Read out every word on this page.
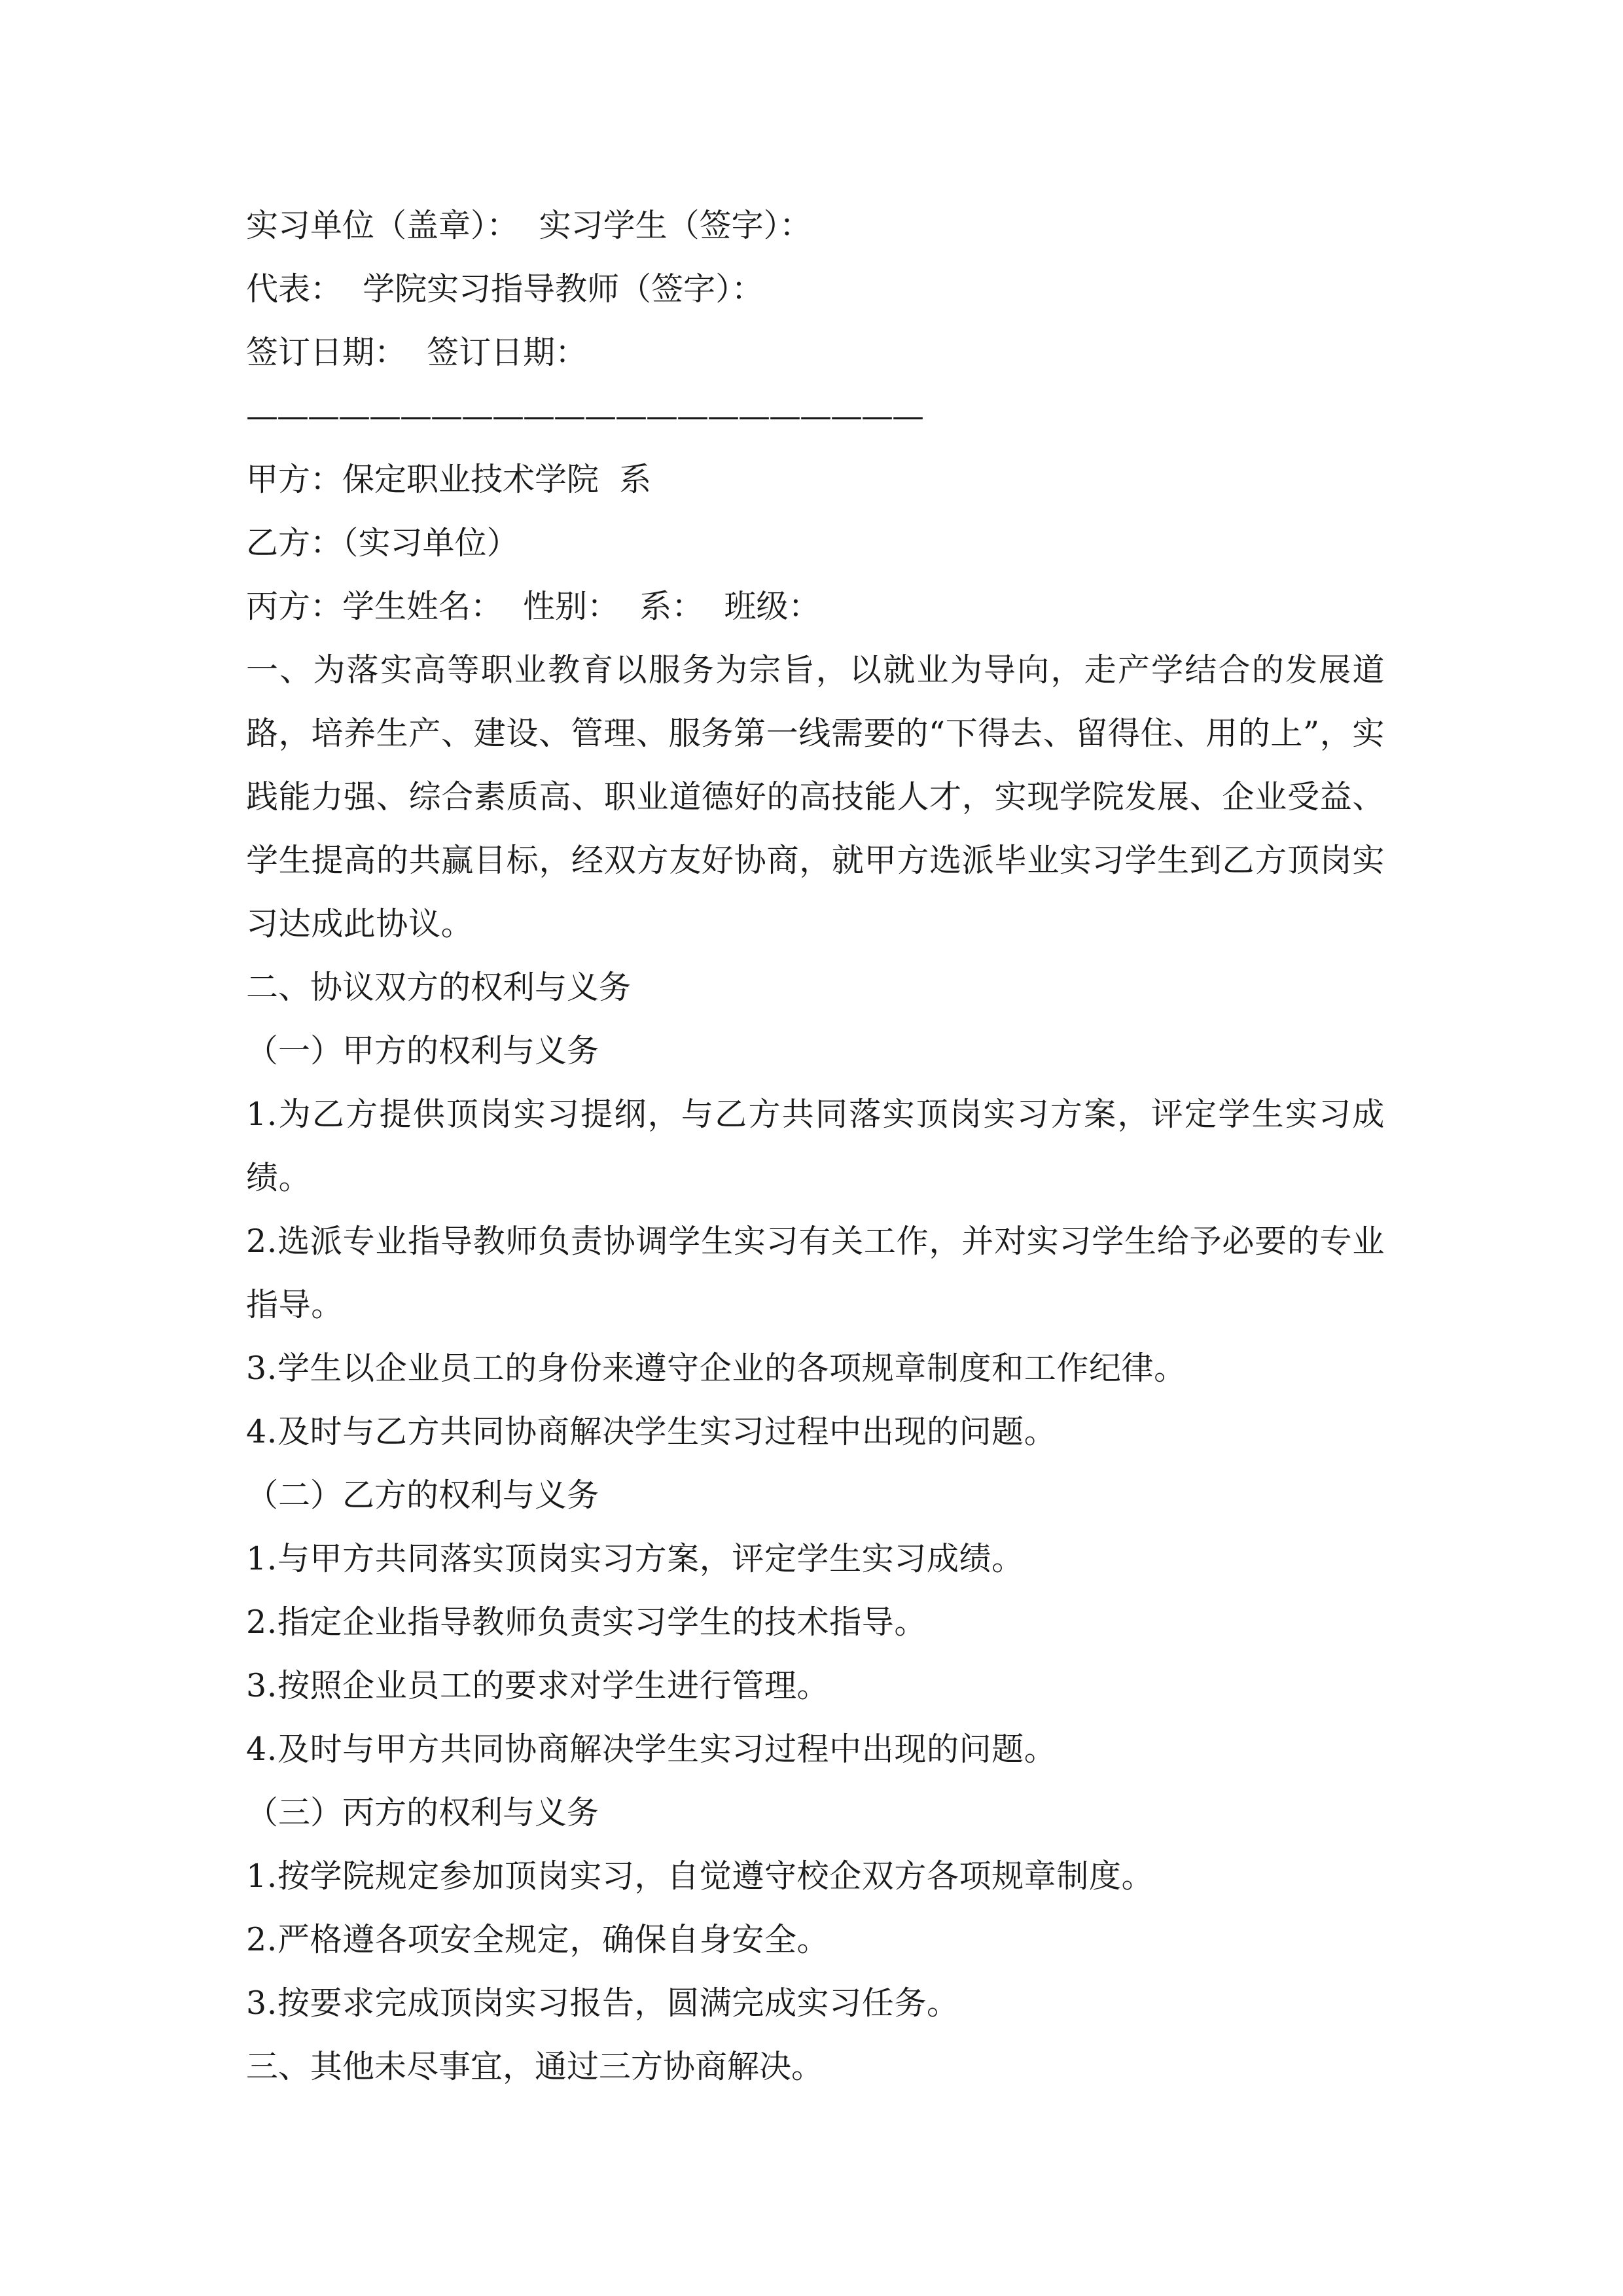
实习单位（盖章）：  实习学生（签字）：
代表：  学院实习指导教师（签字）：
签订日期：  签订日期：
——————————————————————
甲方：保定职业技术学院  系
乙方：（实习单位）
丙方：学生姓名：  性别：  系：  班级：
一、为落实高等职业教育以服务为宗旨，以就业为导向，走产学结合的发展道路，培养生产、建设、管理、服务第一线需要的“下得去、留得住、用的上”，实践能力强、综合素质高、职业道德好的高技能人才，实现学院发展、企业受益、学生提高的共赢目标，经双方友好协商，就甲方选派毕业实习学生到乙方顶岗实习达成此协议。
二、协议双方的权利与义务
（一）甲方的权利与义务
1.为乙方提供顶岗实习提纲，与乙方共同落实顶岗实习方案，评定学生实习成绩。
2.选派专业指导教师负责协调学生实习有关工作，并对实习学生给予必要的专业指导。
3.学生以企业员工的身份来遵守企业的各项规章制度和工作纪律。
4.及时与乙方共同协商解决学生实习过程中出现的问题。
（二）乙方的权利与义务
1.与甲方共同落实顶岗实习方案，评定学生实习成绩。
2.指定企业指导教师负责实习学生的技术指导。
3.按照企业员工的要求对学生进行管理。
4.及时与甲方共同协商解决学生实习过程中出现的问题。
（三）丙方的权利与义务
1.按学院规定参加顶岗实习，自觉遵守校企双方各项规章制度。
2.严格遵各项安全规定，确保自身安全。
3.按要求完成顶岗实习报告，圆满完成实习任务。
三、其他未尽事宜，通过三方协商解决。
